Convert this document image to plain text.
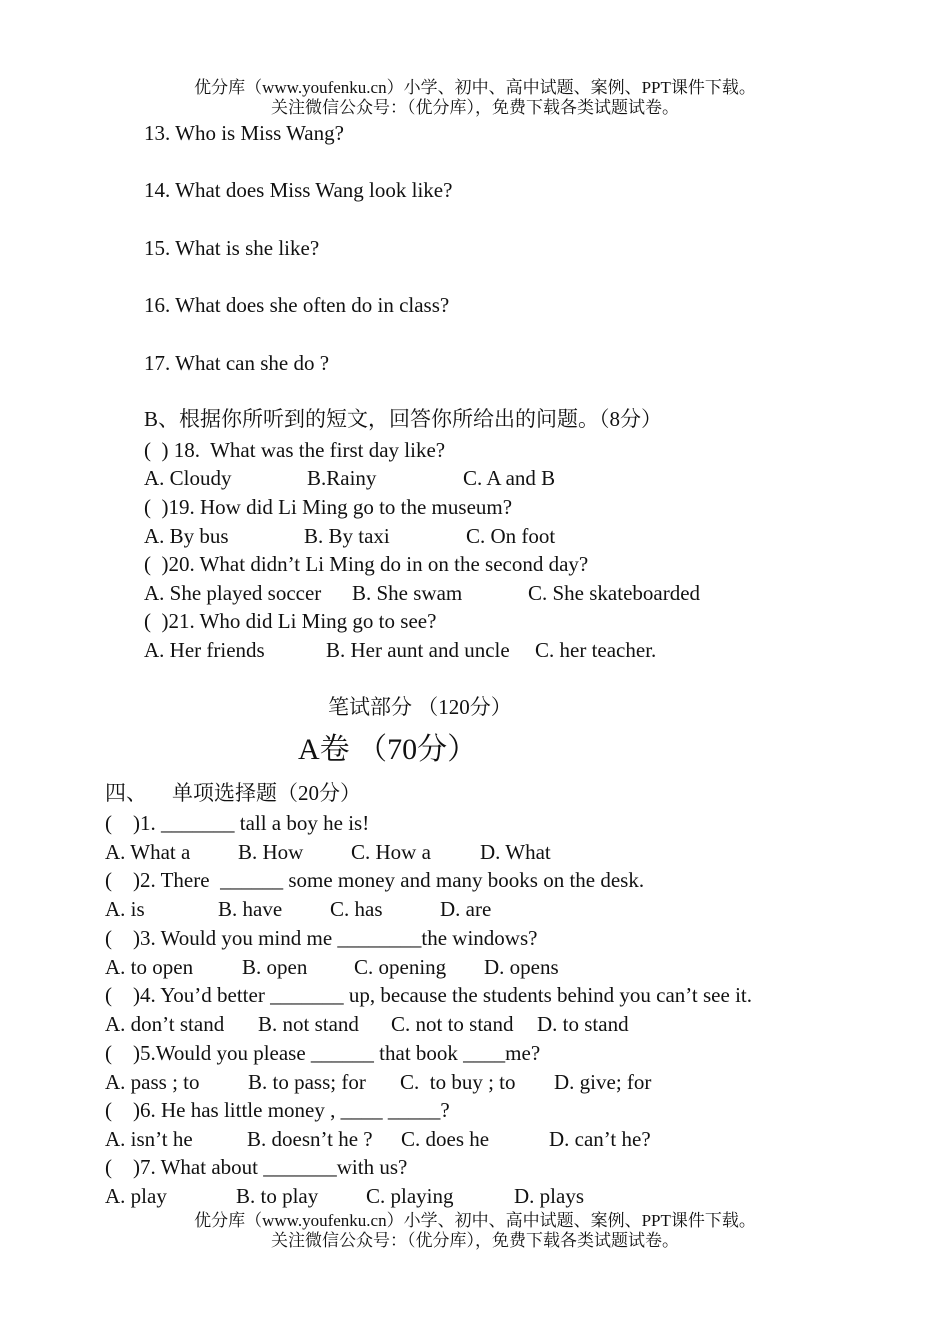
优分库（www.youfenku.cn）小学、初中、高中试题、案例、PPT课件下载。
关注微信公众号：（优分库），免费下载各类试题试卷。
13. Who is Miss Wang?
14. What does Miss Wang look like?
15. What is she like?
16. What does she often do in class?
17. What can she do ?
B、根据你所听到的短文，回答你所给出的问题。（8分）
(  ) 18.  What was the first day like?
A. Cloudy	B.Rainy	C. A and B
(  )19. How did Li Ming go to the museum?
A. By bus	B. By taxi	C. On foot
(  )20. What didn’t Li Ming do in on the second day?
A. She played soccer B. She swam	C. She skateboarded
(  )21. Who did Li Ming go to see?
A. Her friends	B. Her aunt and uncle C. her teacher.
笔试部分 （120分）
A卷 （70分）
四、 单项选择题（20分）
(    )1. _______ tall a boy he is!
A. What a B. How C. How a D. What
(    )2. There  ______ some money and many books on the desk.
A. is	B. have C. has	D. are
(    )3. Would you mind me ________the windows?
A. to open B. open C. opening D. opens
(    )4. You’d better _______ up, because the students behind you can’t see it.
A. don’t stand B. not stand C. not to stand D. to stand
(    )5.Would you please ______ that book ____me?
A. pass ; to B. to pass; for C.  to buy ; to D. give; for
(    )6. He has little money , ____ _____?
A. isn’t he	B. doesn’t he ? C. does he	D. can’t he?
(    )7. What about _______with us?
A. play	B. to play C. playing	D. plays
优分库（www.youfenku.cn）小学、初中、高中试题、案例、PPT课件下载。
关注微信公众号：（优分库），免费下载各类试题试卷。
